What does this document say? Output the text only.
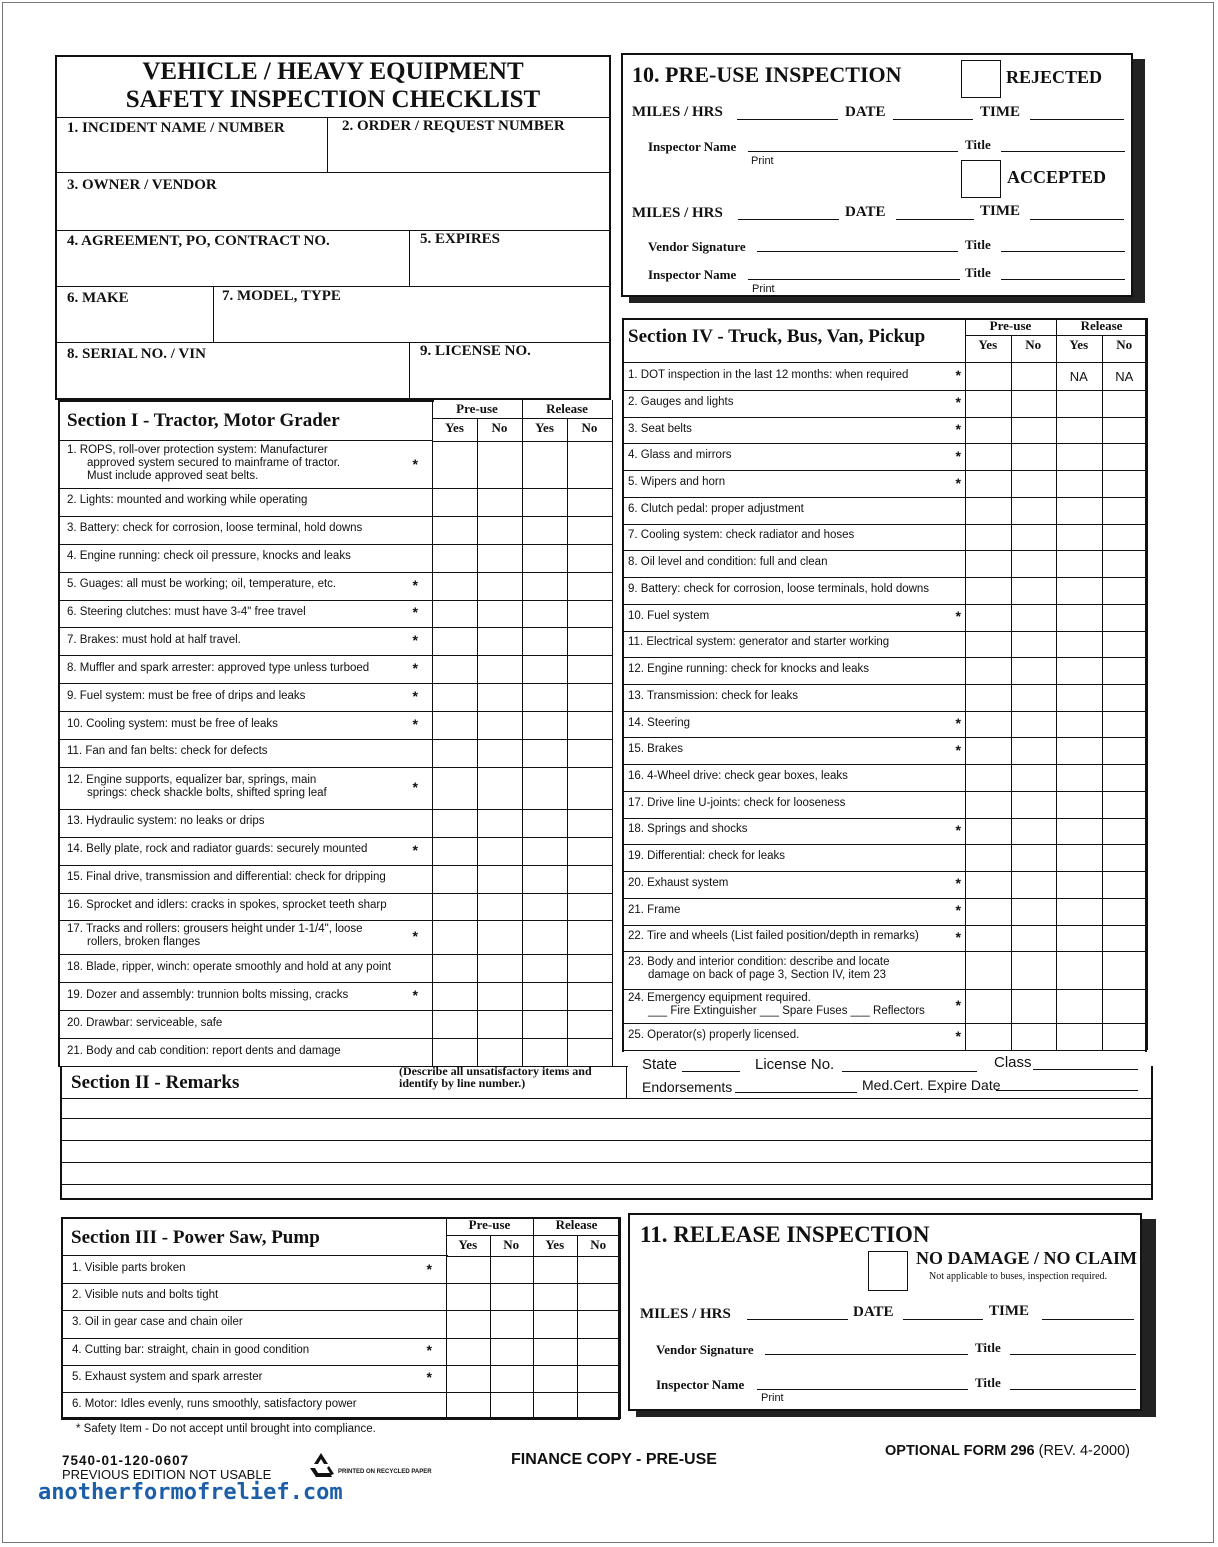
VEHICLE / HEAVY EQUIPMENT
SAFETY INSPECTION CHECKLIST
1. INCIDENT NAME / NUMBER	2. ORDER / REQUEST NUMBER
3. OWNER / VENDOR
4. AGREEMENT, PO, CONTRACT NO.	5. EXPIRES
6. MAKE	7. MODEL, TYPE
8. SERIAL NO. / VIN	9. LICENSE NO.
Section I - Tractor, Motor Grader
10. PRE-USE INSPECTION	REJECTED
MILES / HRS	DATE	TIME
Inspector Name
Print
Title
ACCEPTED
MILES / HRS	DATE	TIME
Vendor Signature	Title
Inspector Name
Print
Title
Section IV - Truck, Bus, Van, Pickup
State	License No.	Class
Endorsements	Med.Cert. Expire Date
Section II - Remarks
(Describe all unsatisfactory items and
identify by line number.)
Section III - Power Saw, Pump
* Safety Item - Do not accept until brought into compliance.
11. RELEASE INSPECTION
NO DAMAGE / NO CLAIM
Not applicable to buses, inspection required.
MILES / HRS	DATE	TIME
Vendor Signature	Title
Inspector Name
Print
Title
7540-01-120-0607
PREVIOUS EDITION NOT USABLE	PRINTED ON RECYCLED PAPER
FINANCE COPY - PRE-USE	OPTIONAL FORM 296 (REV. 4-2000)
anotherformofrelief.com
Pre-use	Release
Yes	No	Yes	No
1. ROPS, roll-over protection system: Manufacturer
approved system secured to mainframe of tractor.
Must include approved seat belts.
*
2. Lights: mounted and working while operating
3. Battery: check for corrosion, loose terminal, hold downs
4. Engine running: check oil pressure, knocks and leaks
5. Guages: all must be working; oil, temperature, etc.	*
6. Steering clutches: must have 3-4" free travel	*
7. Brakes: must hold at half travel.	*
8. Muffler and spark arrester: approved type unless turboed	*
9. Fuel system: must be free of drips and leaks	*
10. Cooling system: must be free of leaks	*
11. Fan and fan belts: check for defects
12. Engine supports, equalizer bar, springs, main
springs: check shackle bolts, shifted spring leaf	*
13. Hydraulic system: no leaks or drips
14. Belly plate, rock and radiator guards: securely mounted	*
15. Final drive, transmission and differential: check for dripping
16. Sprocket and idlers: cracks in spokes, sprocket teeth sharp
17. Tracks and rollers: grousers height under 1-1/4", loose
rollers, broken flanges	*
18. Blade, ripper, winch: operate smoothly and hold at any point
19. Dozer and assembly: trunnion bolts missing, cracks	*
20. Drawbar: serviceable, safe
21. Body and cab condition: report dents and damage
Pre-use	Release
Yes	No	Yes	No
1. DOT inspection in the last 12 months: when required	*	NA	NA
2. Gauges and lights	*
3. Seat belts	*
4. Glass and mirrors	*
5. Wipers and horn	*
6. Clutch pedal: proper adjustment
7. Cooling system: check radiator and hoses
8. Oil level and condition: full and clean
9. Battery: check for corrosion, loose terminals, hold downs
10. Fuel system	*
11. Electrical system: generator and starter working
12. Engine running: check for knocks and leaks
13. Transmission: check for leaks
14. Steering	*
15. Brakes	*
16. 4-Wheel drive: check gear boxes, leaks
17. Drive line U-joints: check for looseness
18. Springs and shocks	*
19. Differential: check for leaks
20. Exhaust system	*
21. Frame	*
22. Tire and wheels (List failed position/depth in remarks)	*
23. Body and interior condition: describe and locate
damage on back of page 3, Section IV, item 23
24. Emergency equipment required.
___ Fire Extinguisher ___ Spare Fuses ___ Reflectors *
25. Operator(s) properly licensed.	*
Pre-use	Release
Yes	No	Yes	No
1. Visible parts broken	*
2. Visible nuts and bolts tight
3. Oil in gear case and chain oiler
4. Cutting bar: straight, chain in good condition	*
5. Exhaust system and spark arrester	*
6. Motor: Idles evenly, runs smoothly, satisfactory power
